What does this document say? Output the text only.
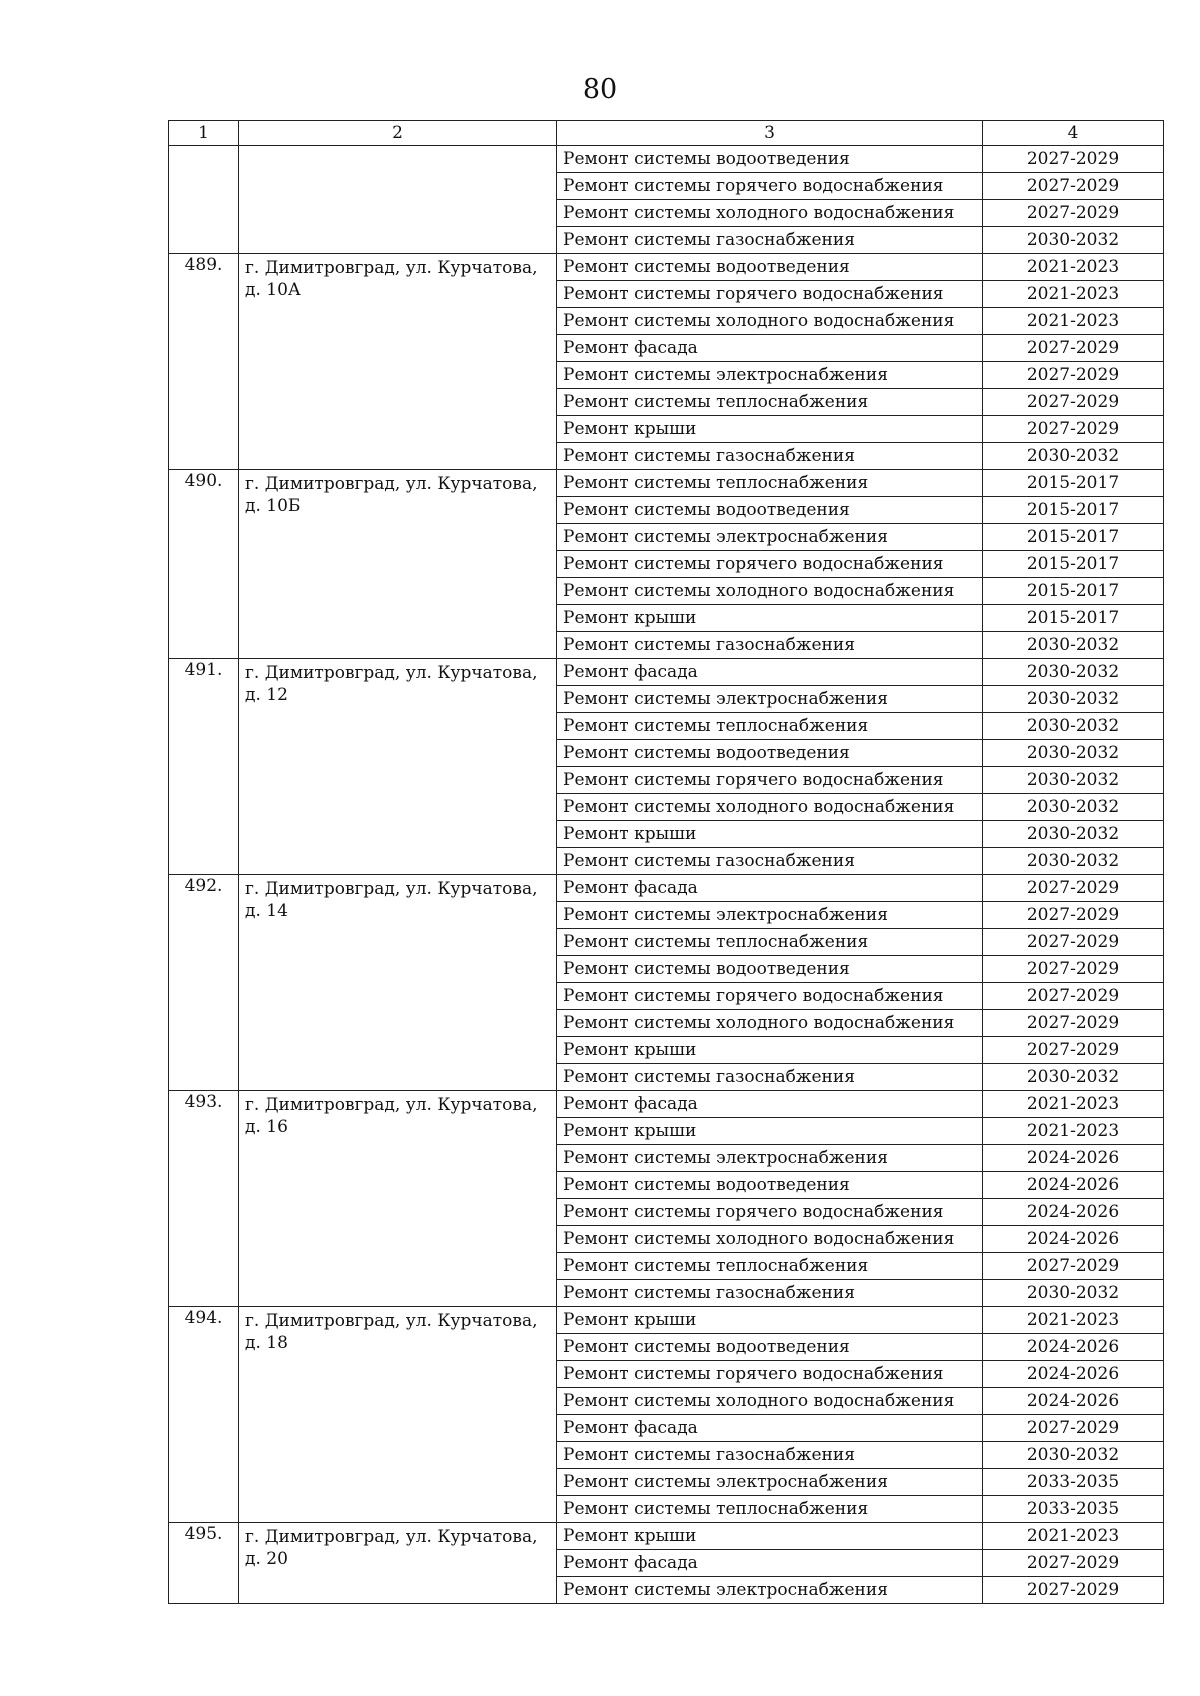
80
1	2	3	4
		Ремонт системы водоотведения	2027-2029
		Ремонт системы горячего водоснабжения	2027-2029
		Ремонт системы холодного водоснабжения	2027-2029
		Ремонт системы газоснабжения	2030-2032
489.	г. Димитровград, ул. Курчатова, д. 10А	Ремонт системы водоотведения	2021-2023
		Ремонт системы горячего водоснабжения	2021-2023
		Ремонт системы холодного водоснабжения	2021-2023
		Ремонт фасада	2027-2029
		Ремонт системы электроснабжения	2027-2029
		Ремонт системы теплоснабжения	2027-2029
		Ремонт крыши	2027-2029
		Ремонт системы газоснабжения	2030-2032
490.	г. Димитровград, ул. Курчатова, д. 10Б	Ремонт системы теплоснабжения	2015-2017
		Ремонт системы водоотведения	2015-2017
		Ремонт системы электроснабжения	2015-2017
		Ремонт системы горячего водоснабжения	2015-2017
		Ремонт системы холодного водоснабжения	2015-2017
		Ремонт крыши	2015-2017
		Ремонт системы газоснабжения	2030-2032
491.	г. Димитровград, ул. Курчатова, д. 12	Ремонт фасада	2030-2032
		Ремонт системы электроснабжения	2030-2032
		Ремонт системы теплоснабжения	2030-2032
		Ремонт системы водоотведения	2030-2032
		Ремонт системы горячего водоснабжения	2030-2032
		Ремонт системы холодного водоснабжения	2030-2032
		Ремонт крыши	2030-2032
		Ремонт системы газоснабжения	2030-2032
492.	г. Димитровград, ул. Курчатова, д. 14	Ремонт фасада	2027-2029
		Ремонт системы электроснабжения	2027-2029
		Ремонт системы теплоснабжения	2027-2029
		Ремонт системы водоотведения	2027-2029
		Ремонт системы горячего водоснабжения	2027-2029
		Ремонт системы холодного водоснабжения	2027-2029
		Ремонт крыши	2027-2029
		Ремонт системы газоснабжения	2030-2032
493.	г. Димитровград, ул. Курчатова, д. 16	Ремонт фасада	2021-2023
		Ремонт крыши	2021-2023
		Ремонт системы электроснабжения	2024-2026
		Ремонт системы водоотведения	2024-2026
		Ремонт системы горячего водоснабжения	2024-2026
		Ремонт системы холодного водоснабжения	2024-2026
		Ремонт системы теплоснабжения	2027-2029
		Ремонт системы газоснабжения	2030-2032
494.	г. Димитровград, ул. Курчатова, д. 18	Ремонт крыши	2021-2023
		Ремонт системы водоотведения	2024-2026
		Ремонт системы горячего водоснабжения	2024-2026
		Ремонт системы холодного водоснабжения	2024-2026
		Ремонт фасада	2027-2029
		Ремонт системы газоснабжения	2030-2032
		Ремонт системы электроснабжения	2033-2035
		Ремонт системы теплоснабжения	2033-2035
495.	г. Димитровград, ул. Курчатова, д. 20	Ремонт крыши	2021-2023
		Ремонт фасада	2027-2029
		Ремонт системы электроснабжения	2027-2029
